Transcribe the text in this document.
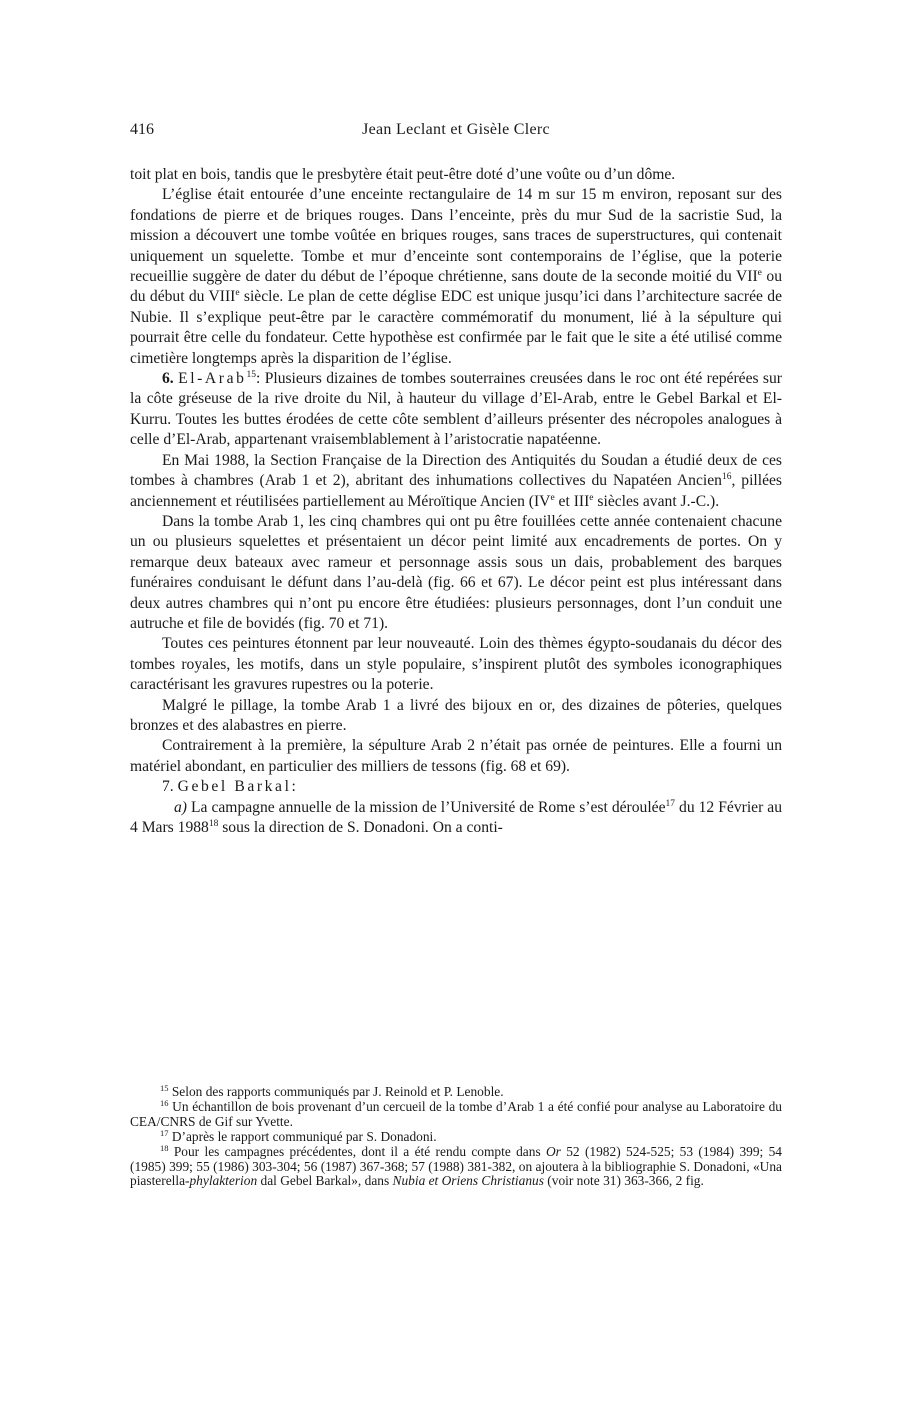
416	Jean Leclant et Gisèle Clerc

toit plat en bois, tandis que le presbytère était peut-être doté d’une voûte ou d’un dôme.

L’église était entourée d’une enceinte rectangulaire de 14 m sur 15 m environ, reposant sur des fondations de pierre et de briques rouges. Dans l’enceinte, près du mur Sud de la sacristie Sud, la mission a découvert une tombe voûtée en briques rouges, sans traces de superstructures, qui contenait uniquement un squelette. Tombe et mur d’enceinte sont contemporains de l’église, que la poterie recueillie suggère de dater du début de l’époque chrétienne, sans doute de la seconde moitié du VIIe ou du début du VIIIe siècle. Le plan de cette déglise EDC est unique jusqu’ici dans l’architecture sacrée de Nubie. Il s’explique peut-être par le caractère commémoratif du monument, lié à la sépulture qui pourrait être celle du fondateur. Cette hypothèse est confirmée par le fait que le site a été utilisé comme cimetière longtemps après la disparition de l’église.

6. El-Arab$^{15}$: Plusieurs dizaines de tombes souterraines creusées dans le roc ont été repérées sur la côte gréseuse de la rive droite du Nil, à hauteur du village d’El-Arab, entre le Gebel Barkal et El-Kurru. Toutes les buttes érodées de cette côte semblent d’ailleurs présenter des nécropoles analogues à celle d’El-Arab, appartenant vraisemblablement à l’aristocratie napatéenne.

En Mai 1988, la Section Française de la Direction des Antiquités du Soudan a étudié deux de ces tombes à chambres (Arab 1 et 2), abritant des inhumations collectives du Napatéen Ancien$^{16}$, pillées anciennement et réutilisées partiellement au Méroïtique Ancien (IVe et IIIe siècles avant J.-C.).

Dans la tombe Arab 1, les cinq chambres qui ont pu être fouillées cette année contenaient chacune un ou plusieurs squelettes et présentaient un décor peint limité aux encadrements de portes. On y remarque deux bateaux avec rameur et personnage assis sous un dais, probablement des barques funéraires conduisant le défunt dans l’au-delà (fig. 66 et 67). Le décor peint est plus intéressant dans deux autres chambres qui n’ont pu encore être étudiées: plusieurs personnages, dont l’un conduit une autruche et file de bovidés (fig. 70 et 71).

Toutes ces peintures étonnent par leur nouveauté. Loin des thèmes égypto-soudanais du décor des tombes royales, les motifs, dans un style populaire, s’inspirent plutôt des symboles iconographiques caractérisant les gravures rupestres ou la poterie.

Malgré le pillage, la tombe Arab 1 a livré des bijoux en or, des dizaines de pôteries, quelques bronzes et des alabastres en pierre.

Contrairement à la première, la sépulture Arab 2 n’était pas ornée de peintures. Elle a fourni un matériel abondant, en particulier des milliers de tessons (fig. 68 et 69).

7. Gebel Barkal:

a) La campagne annuelle de la mission de l’Université de Rome s’est déroulée$^{17}$ du 12 Février au 4 Mars 1988$^{18}$ sous la direction de S. Donadoni. On a conti-

$^{15}$ Selon des rapports communiqués par J. Reinold et P. Lenoble.

$^{16}$ Un échantillon de bois provenant d’un cercueil de la tombe d’Arab 1 a été confié pour analyse au Laboratoire du CEA/CNRS de Gif sur Yvette.

$^{17}$ D’après le rapport communiqué par S. Donadoni.

$^{18}$ Pour les campagnes précédentes, dont il a été rendu compte dans Or 52 (1982) 524-525; 53 (1984) 399; 54 (1985) 399; 55 (1986) 303-304; 56 (1987) 367-368; 57 (1988) 381-382, on ajoutera à la bibliographie S. Donadoni, «Una piasterella-phylakterion dal Gebel Barkal», dans Nubia et Oriens Christianus (voir note 31) 363-366, 2 fig.
